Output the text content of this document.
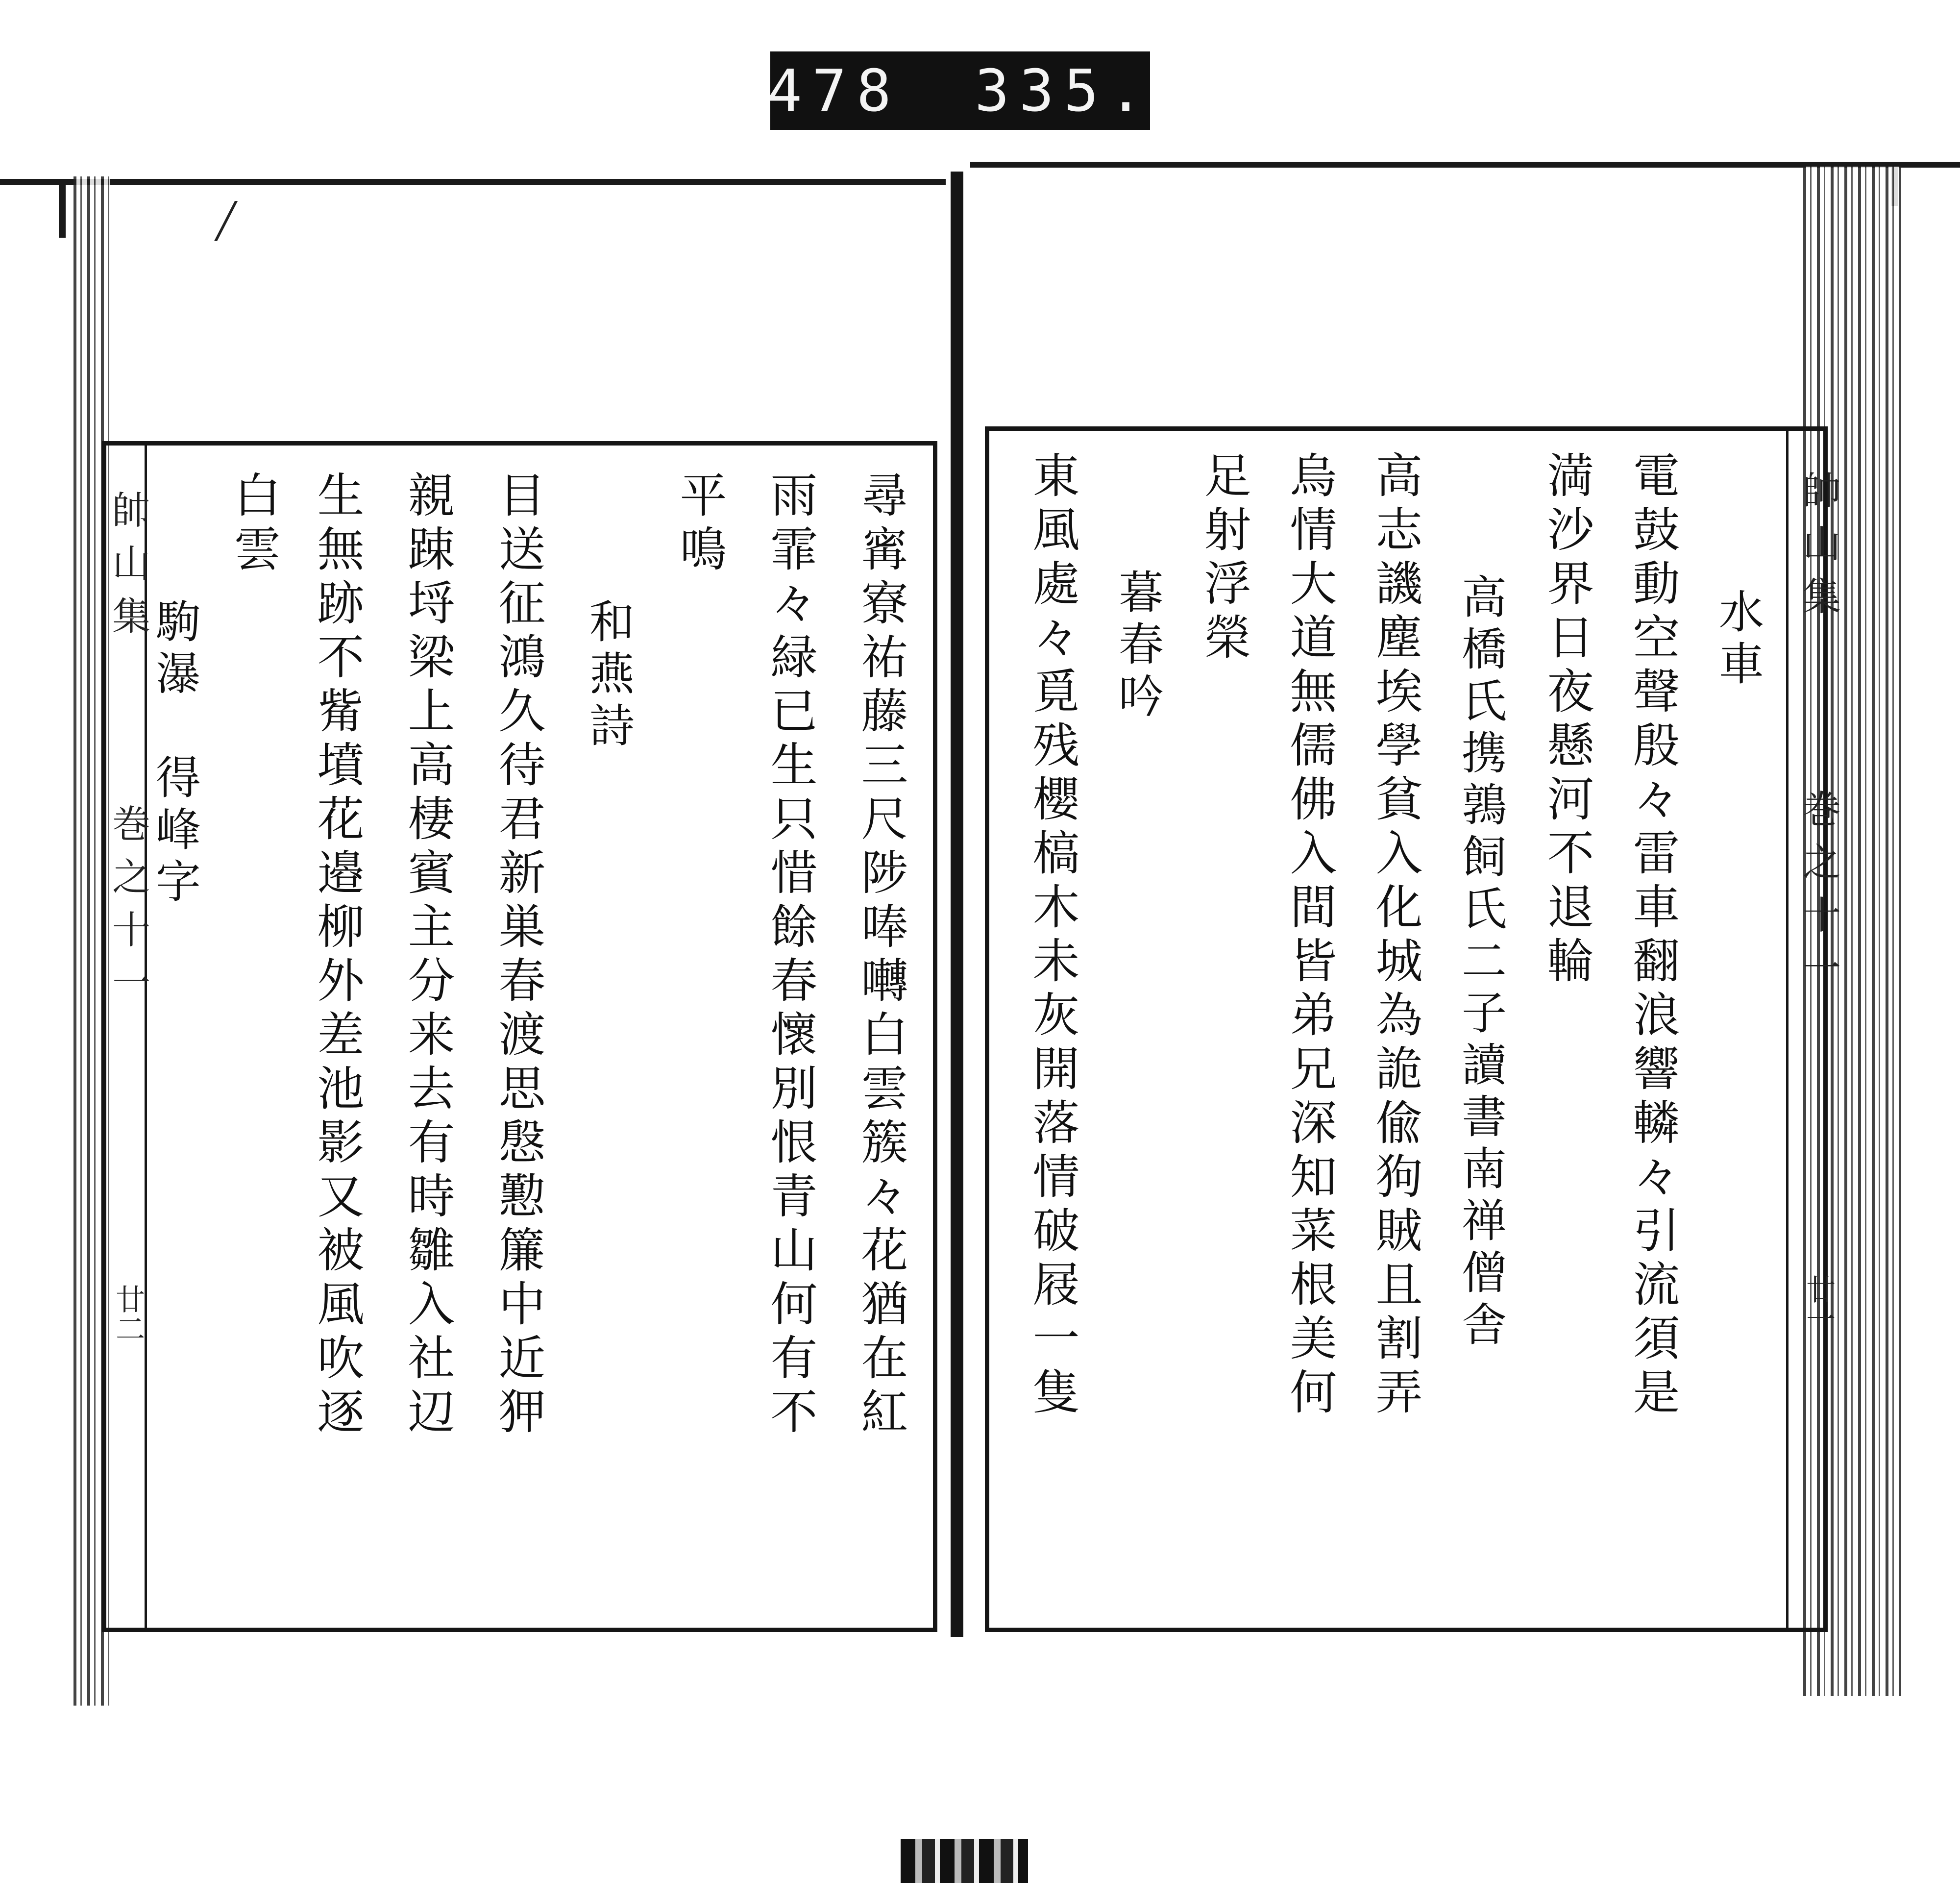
478 335.
帥山集
巻之十一
廿二	尋寗寮祐藤三尺陟唪囀白雲簇々花猶在紅
雨霏々緑已生只惜餘春懷別恨青山何有不
平鳴
和燕詩
目送征鴻久待君新巣春渡思慇懃簾中近狎
親踈埒梁上高棲賓主分来去有時雛入社辺
生無跡不觜墳花邉柳外差池影又被風吹逐
白雲
駒瀑　得峰字
帥山集
巻之十一
廿一
水車
電鼓動空聲殷々雷車翻浪響轔々引流須是
満沙界日夜懸河不退輪
高橋氏携鶉飼氏二子讀書南禅僧舎
高志譏塵埃學貧入化城為詭偸狗賊且割弄
烏情大道無儒佛入間皆弟兄深知菜根美何
足射浮榮
暮春吟
東風處々覓残櫻槁木未灰開落情破屐一隻
╱
